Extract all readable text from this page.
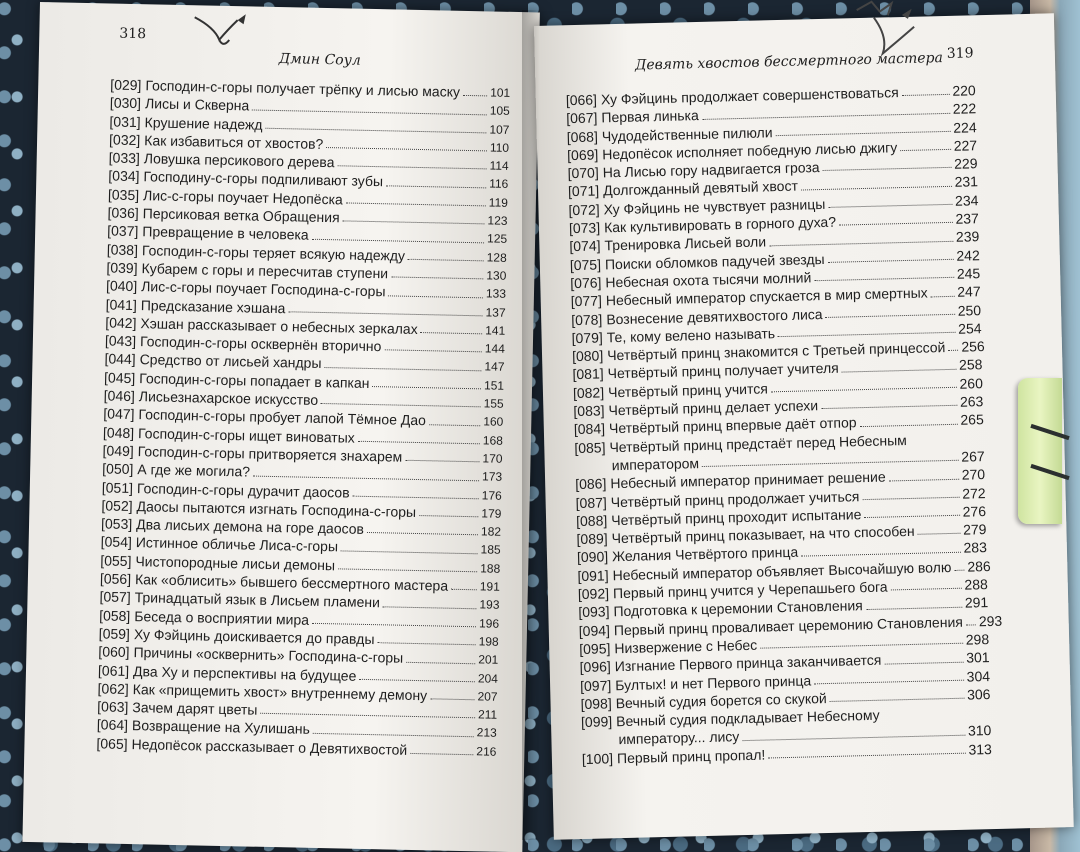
318
Дмин Соул
[029] Господин-с-горы получает трёпку и лисью маску 101
[030] Лисы и Скверна	105
[031] Крушение надежд	107
[032] Как избавиться от хвостов?	110
[033] Ловушка персикового дерева	114
[034] Господину-с-горы подпиливают зубы	116
[035] Лис-с-горы поучает Недопёска	119
[036] Персиковая ветка Обращения	123
[037] Превращение в человека	125
[038] Господин-с-горы теряет всякую надежду	128
[039] Кубарем с горы и пересчитав ступени	130
[040] Лис-с-горы поучает Господина-с-горы	133
[041] Предсказание хэшана	137
[042] Хэшан рассказывает о небесных зеркалах	141
[043] Господин-с-горы осквернён вторично	144
[044] Средство от лисьей хандры	147
[045] Господин-с-горы попадает в капкан	151
[046] Лисьезнахарское искусство	155
[047] Господин-с-горы пробует лапой Тёмное Дао	160
[048] Господин-с-горы ищет виноватых	168
[049] Господин-с-горы притворяется знахарем	170
[050] А где же могила?	173
[051] Господин-с-горы дурачит даосов	176
[052] Даосы пытаются изгнать Господина-с-горы	179
[053] Два лисьих демона на горе даосов	182
[054] Истинное обличье Лиса-с-горы	185
[055] Чистопородные лисьи демоны	188
[056] Как «облисить» бывшего бессмертного мастера	191
[057] Тринадцатый язык в Лисьем пламени	193
[058] Беседа о восприятии мира	196
[059] Ху Фэйцинь доискивается до правды	198
[060] Причины «осквернить» Господина-с-горы	201
[061] Два Ху и перспективы на будущее	204
[062] Как «прищемить хвост» внутреннему демону	207
[063] Зачем дарят цветы	211
[064] Возвращение на Хулишань	213
[065] Недопёсок рассказывает о Девятихвостой	216
Девять хвостов бессмертного мастера 319
[066] Ху Фэйцинь продолжает совершенствоваться	220
[067] Первая линька	222
[068] Чудодейственные пилюли	224
[069] Недопёсок исполняет победную лисью джигу	227
[070] На Лисью гору надвигается гроза	229
[071] Долгожданный девятый хвост	231
[072] Ху Фэйцинь не чувствует разницы	234
[073] Как культивировать в горного духа?	237
[074] Тренировка Лисьей воли	239
[075] Поиски обломков падучей звезды	242
[076] Небесная охота тысячи молний	245
[077] Небесный император спускается в мир смертных 247
[078] Вознесение девятихвостого лиса	250
[079] Те, кому велено называть	254
[080] Четвёртый принц знакомится с Третьей принцессой 256
[081] Четвёртый принц получает учителя	258
[082] Четвёртый принц учится	260
[083] Четвёртый принц делает успехи	263
[084] Четвёртый принц впервые даёт отпор	265
[085] Четвёртый принц предстаёт перед Небесным
императором	267
[086] Небесный император принимает решение	270
[087] Четвёртый принц продолжает учиться	272
[088] Четвёртый принц проходит испытание	276
[089] Четвёртый принц показывает, на что способен	279
[090] Желания Четвёртого принца	283
[091] Небесный император объявляет Высочайшую волю 286
[092] Первый принц учится у Черепашьего бога	288
[093] Подготовка к церемонии Становления	291
[094] Первый принц проваливает церемонию Становления 293
[095] Низвержение с Небес	298
[096] Изгнание Первого принца заканчивается	301
[097] Бултых! и нет Первого принца	304
[098] Вечный судия борется со скукой	306
[099] Вечный судия подкладывает Небесному
императору... лису	310
[100] Первый принц пропал!	313
